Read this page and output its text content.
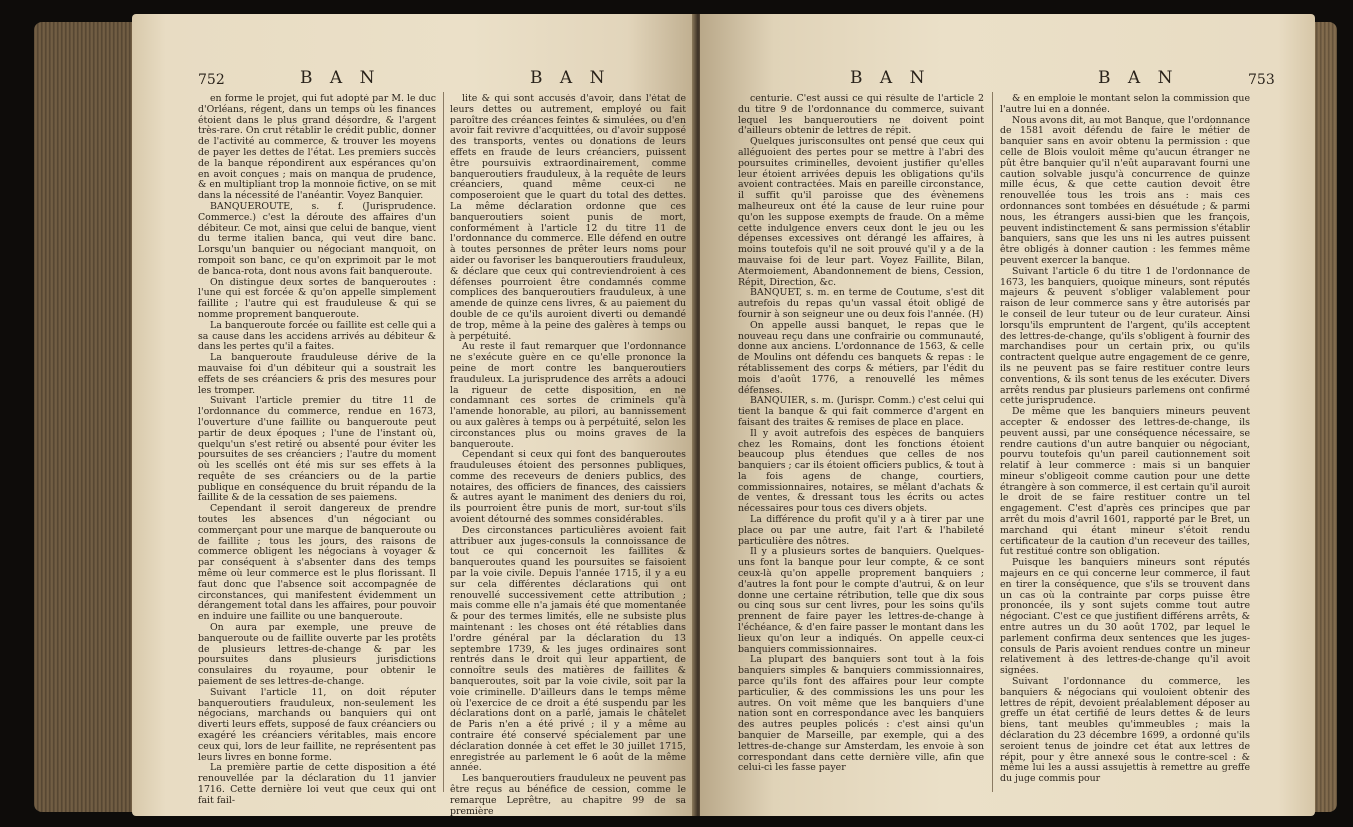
752	B A N	B A N

en forme le projet, qui fut adopté par M. le duc d'Orléans, régent, dans un temps où les finances étoient dans le plus grand désordre, & l'argent très-rare. On crut rétablir le crédit public, donner de l'activité au commerce, & trouver les moyens de payer les dettes de l'état. Les premiers succès de la banque répondirent aux espérances qu'on en avoit conçues ; mais on manqua de prudence, & en multipliant trop la monnoie fictive, on se mit dans la nécessité de l'anéantir. Voyez Banquier.

BANQUEROUTE, s. f. (Jurisprudence. Commerce.) c'est la déroute des affaires d'un débiteur. Ce mot, ainsi que celui de banque, vient du terme italien banca, qui veut dire banc. Lorsqu'un banquier ou négociant manquoit, on rompoit son banc, ce qu'on exprimoit par le mot de banca-rota, dont nous avons fait banqueroute.

On distingue deux sortes de banqueroutes : l'une qui est forcée & qu'on appelle simplement faillite ; l'autre qui est frauduleuse & qui se nomme proprement banqueroute.

La banqueroute forcée ou faillite est celle qui a sa cause dans les accidens arrivés au débiteur & dans les pertes qu'il a faites.

La banqueroute frauduleuse dérive de la mauvaise foi d'un débiteur qui a soustrait les effets de ses créanciers & pris des mesures pour les tromper.

Suivant l'article premier du titre 11 de l'ordonnance du commerce, rendue en 1673, l'ouverture d'une faillite ou banqueroute peut partir de deux époques ; l'une de l'instant où, quelqu'un s'est retiré ou absenté pour éviter les poursuites de ses créanciers ; l'autre du moment où les scellés ont été mis sur ses effets à la requête de ses créanciers ou de la partie publique en conséquence du bruit répandu de la faillite & de la cessation de ses paiemens.

Cependant il seroit dangereux de prendre toutes les absences d'un négociant ou commerçant pour une marque de banqueroute ou de faillite ; tous les jours, des raisons de commerce obligent les négocians à voyager & par conséquent à s'absenter dans des temps même où leur commerce est le plus florissant. Il faut donc que l'absence soit accompagnée de circonstances, qui manifestent évidemment un dérangement total dans les affaires, pour pouvoir en induire une faillite ou une banqueroute.

On aura par exemple, une preuve de banqueroute ou de faillite ouverte par les protêts de plusieurs lettres-de-change & par les poursuites dans plusieurs jurisdictions consulaires du royaume, pour obtenir le paiement de ses lettres-de-change.

Suivant l'article 11, on doit réputer banqueroutiers frauduleux, non-seulement les négocians, marchands ou banquiers qui ont diverti leurs effets, supposé de faux créanciers ou exagéré les créanciers véritables, mais encore ceux qui, lors de leur faillite, ne représentent pas leurs livres en bonne forme.

La première partie de cette disposition a été renouvellée par la déclaration du 11 janvier 1716. Cette dernière loi veut que ceux qui ont fait fail-

lite & qui sont accusés d'avoir, dans l'état de leurs dettes ou autrement, employé ou fait paroître des créances feintes & simulées, ou d'en avoir fait revivre d'acquittées, ou d'avoir supposé des transports, ventes ou donations de leurs effets en fraude de leurs créanciers, puissent être poursuivis extraordinairement, comme banqueroutiers frauduleux, à la requête de leurs créanciers, quand même ceux-ci ne composeroient que le quart du total des dettes. La même déclaration ordonne que ces banqueroutiers soient punis de mort, conformément à l'article 12 du titre 11 de l'ordonnance du commerce. Elle défend en outre à toutes personnes de prêter leurs noms pour aider ou favoriser les banqueroutiers frauduleux, & déclare que ceux qui contreviendroient à ces défenses pourroient être condamnés comme complices des banqueroutiers frauduleux, à une amende de quinze cens livres, & au paiement du double de ce qu'ils auroient diverti ou demandé de trop, même à la peine des galères à temps ou à perpétuité.

Au reste il faut remarquer que l'ordonnance ne s'exécute guère en ce qu'elle prononce la peine de mort contre les banqueroutiers frauduleux. La jurisprudence des arrêts a adouci la rigueur de cette disposition, en ne condamnant ces sortes de criminels qu'à l'amende honorable, au pilori, au bannissement ou aux galères à temps ou à perpétuité, selon les circonstances plus ou moins graves de la banqueroute.

Cependant si ceux qui font des banqueroutes frauduleuses étoient des personnes publiques, comme des receveurs de deniers publics, des notaires, des officiers de finances, des caissiers & autres ayant le maniment des deniers du roi, ils pourroient être punis de mort, sur-tout s'ils avoient détourné des sommes considérables.

Des circonstances particulières avoient fait attribuer aux juges-consuls la connoissance de tout ce qui concernoit les faillites & banqueroutes quand les poursuites se faisoient par la voie civile. Depuis l'année 1715, il y a eu sur cela différentes déclarations qui ont renouvellé successivement cette attribution ; mais comme elle n'a jamais été que momentanée & pour des termes limités, elle ne subsiste plus maintenant : les choses ont été rétablies dans l'ordre général par la déclaration du 13 septembre 1739, & les juges ordinaires sont rentrés dans le droit qui leur appartient, de connoître seuls des matières de faillites & banqueroutes, soit par la voie civile, soit par la voie criminelle. D'ailleurs dans le temps même où l'exercice de ce droit a été suspendu par les déclarations dont on a parlé, jamais le châtelet de Paris n'en a été privé ; il y a même au contraire été conservé spécialement par une déclaration donnée à cet effet le 30 juillet 1715, enregistrée au parlement le 6 août de la même année.

Les banqueroutiers frauduleux ne peuvent pas être reçus au bénéfice de cession, comme le remarque Leprêtre, au chapitre 99 de sa première

B A N	B A N	753

centurie. C'est aussi ce qui résulte de l'article 2 du titre 9 de l'ordonnance du commerce, suivant lequel les banqueroutiers ne doivent point d'ailleurs obtenir de lettres de répit.

Quelques jurisconsultes ont pensé que ceux qui alléguoient des pertes pour se mettre à l'abri des poursuites criminelles, devoient justifier qu'elles leur étoient arrivées depuis les obligations qu'ils avoient contractées. Mais en pareille circonstance, il suffit qu'il paroisse que des évènemens malheureux ont été la cause de leur ruine pour qu'on les suppose exempts de fraude. On a même cette indulgence envers ceux dont le jeu ou les dépenses excessives ont dérangé les affaires, à moins toutefois qu'il ne soit prouvé qu'il y a de la mauvaise foi de leur part. Voyez Faillite, Bilan, Atermoiement, Abandonnement de biens, Cession, Répit, Direction, &c.

BANQUET, s. m. en terme de Coutume, s'est dit autrefois du repas qu'un vassal étoit obligé de fournir à son seigneur une ou deux fois l'année. (H)

On appelle aussi banquet, le repas que le nouveau reçu dans une confrairie ou communauté, donne aux anciens. L'ordonnance de 1563, & celle de Moulins ont défendu ces banquets & repas : le rétablissement des corps & métiers, par l'édit du mois d'août 1776, a renouvellé les mêmes défenses.

BANQUIER, s. m. (Jurispr. Comm.) c'est celui qui tient la banque & qui fait commerce d'argent en faisant des traites & remises de place en place.

Il y avoit autrefois des espèces de banquiers chez les Romains, dont les fonctions étoient beaucoup plus étendues que celles de nos banquiers ; car ils étoient officiers publics, & tout à la fois agens de change, courtiers, commissionnaires, notaires, se mêlant d'achats & de ventes, & dressant tous les écrits ou actes nécessaires pour tous ces divers objets.

La différence du profit qu'il y a à tirer par une place ou par une autre, fait l'art & l'habileté particulière des nôtres.

Il y a plusieurs sortes de banquiers. Quelques-uns font la banque pour leur compte, & ce sont ceux-là qu'on appelle proprement banquiers ; d'autres la font pour le compte d'autrui, & on leur donne une certaine rétribution, telle que dix sous ou cinq sous sur cent livres, pour les soins qu'ils prennent de faire payer les lettres-de-change à l'échéance, & d'en faire passer le montant dans les lieux qu'on leur a indiqués. On appelle ceux-ci banquiers commissionnaires.

La plupart des banquiers sont tout à la fois banquiers simples & banquiers commissionnaires, parce qu'ils font des affaires pour leur compte particulier, & des commissions les uns pour les autres. On voit même que les banquiers d'une nation sont en correspondance avec les banquiers des autres peuples policés : c'est ainsi qu'un banquier de Marseille, par exemple, qui a des lettres-de-change sur Amsterdam, les envoie à son correspondant dans cette dernière ville, afin que celui-ci les fasse payer

& en emploie le montant selon la commission que l'autre lui en a donnée.

Nous avons dit, au mot Banque, que l'ordonnance de 1581 avoit défendu de faire le métier de banquier sans en avoir obtenu la permission : que celle de Blois vouloit même qu'aucun étranger ne pût être banquier qu'il n'eût auparavant fourni une caution solvable jusqu'à concurrence de quinze mille écus, & que cette caution devoit être renouvellée tous les trois ans : mais ces ordonnances sont tombées en désuétude ; & parmi nous, les étrangers aussi-bien que les françois, peuvent indistinctement & sans permission s'établir banquiers, sans que les uns ni les autres puissent être obligés à donner caution : les femmes même peuvent exercer la banque.

Suivant l'article 6 du titre 1 de l'ordonnance de 1673, les banquiers, quoique mineurs, sont réputés majeurs & peuvent s'obliger valablement pour raison de leur commerce sans y être autorisés par le conseil de leur tuteur ou de leur curateur. Ainsi lorsqu'ils empruntent de l'argent, qu'ils acceptent des lettres-de-change, qu'ils s'obligent à fournir des marchandises pour un certain prix, ou qu'ils contractent quelque autre engagement de ce genre, ils ne peuvent pas se faire restituer contre leurs conventions, & ils sont tenus de les exécuter. Divers arrêts rendus par plusieurs parlemens ont confirmé cette jurisprudence.

De même que les banquiers mineurs peuvent accepter & endosser des lettres-de-change, ils peuvent aussi, par une conséquence nécessaire, se rendre cautions d'un autre banquier ou négociant, pourvu toutefois qu'un pareil cautionnement soit relatif à leur commerce : mais si un banquier mineur s'obligeoit comme caution pour une dette étrangère à son commerce, il est certain qu'il auroit le droit de se faire restituer contre un tel engagement. C'est d'après ces principes que par arrêt du mois d'avril 1601, rapporté par le Bret, un marchand qui étant mineur s'étoit rendu certificateur de la caution d'un receveur des tailles, fut restitué contre son obligation.

Puisque les banquiers mineurs sont réputés majeurs en ce qui concerne leur commerce, il faut en tirer la conséquence, que s'ils se trouvent dans un cas où la contrainte par corps puisse être prononcée, ils y sont sujets comme tout autre négociant. C'est ce que justifient différens arrêts, & entre autres un du 30 août 1702, par lequel le parlement confirma deux sentences que les juges-consuls de Paris avoient rendues contre un mineur relativement à des lettres-de-change qu'il avoit signées.

Suivant l'ordonnance du commerce, les banquiers & négocians qui vouloient obtenir des lettres de répit, devoient préalablement déposer au greffe un état certifié de leurs dettes & de leurs biens, tant meubles qu'immeubles ; mais la déclaration du 23 décembre 1699, a ordonné qu'ils seroient tenus de joindre cet état aux lettres de répit, pour y être annexé sous le contre-scel : & même lui les a aussi assujettis à remettre au greffe du juge commis pour
